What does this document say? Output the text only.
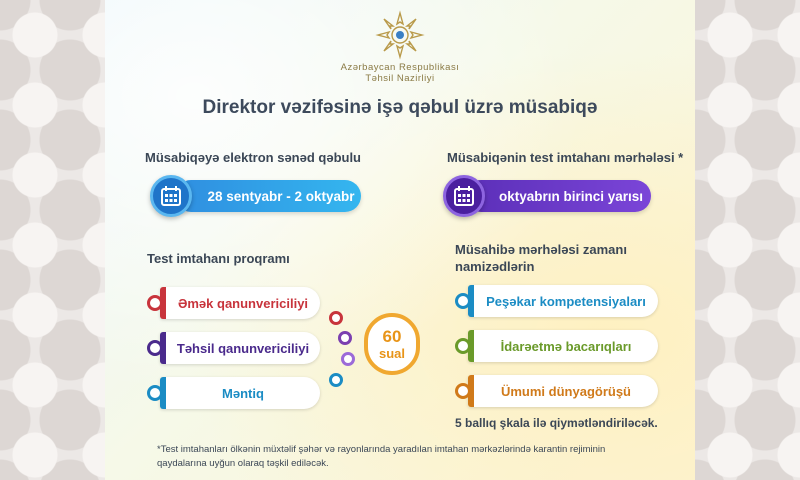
Azərbaycan Respublikası
Təhsil Nazirliyi
Direktor vəzifəsinə işə qəbul üzrə müsabiqə
Müsabiqəyə elektron sənəd qəbulu
28 sentyabr - 2 oktyabr
Müsabiqənin test imtahanı mərhələsi *
oktyabrın birinci yarısı
Test imtahanı proqramı
Əmək qanunvericiliyi
Təhsil qanunvericiliyi
Məntiq
60
sual
Müsahibə mərhələsi zamanı
namizədlərin
Peşəkar kompetensiyaları
İdarəetmə bacarıqları
Ümumi dünyagörüşü
5 ballıq şkala ilə qiymətləndiriləcək.
*Test imtahanları ölkənin müxtəlif şəhər və rayonlarında yaradılan imtahan mərkəzlərində karantin rejiminin
qaydalarına uyğun olaraq təşkil ediləcək.
